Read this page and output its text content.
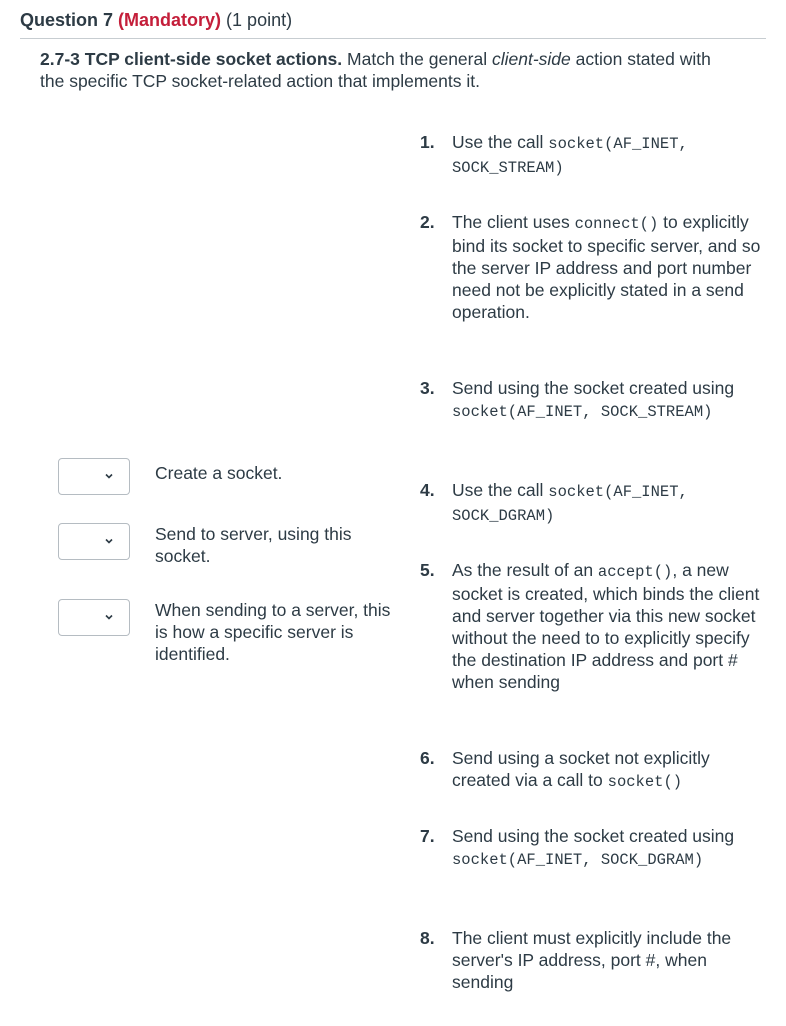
Question 7 (Mandatory) (1 point)
2.7-3 TCP client-side socket actions. Match the general client-side action stated with the specific TCP socket-related action that implements it.
Create a socket.
Send to server, using this socket.
When sending to a server, this is how a specific server is identified.
1. Use the call socket(AF_INET, SOCK_STREAM)
2. The client uses connect() to explicitly bind its socket to specific server, and so the server IP address and port number need not be explicitly stated in a send operation.
3. Send using the socket created using socket(AF_INET, SOCK_STREAM)
4. Use the call socket(AF_INET, SOCK_DGRAM)
5. As the result of an accept(), a new socket is created, which binds the client and server together via this new socket without the need to to explicitly specify the destination IP address and port # when sending
6. Send using a socket not explicitly created via a call to socket()
7. Send using the socket created using socket(AF_INET, SOCK_DGRAM)
8. The client must explicitly include the server's IP address, port #, when sending
